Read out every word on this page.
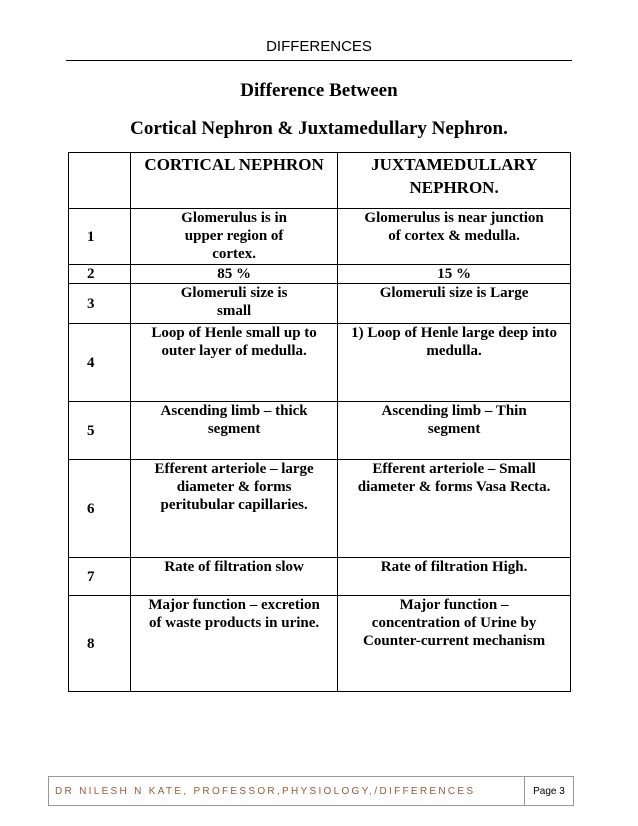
DIFFERENCES
Difference Between
Cortical Nephron & Juxtamedullary Nephron.

	CORTICAL NEPHRON	JUXTAMEDULLARY NEPHRON.

1	Glomerulus is in upper region of cortex.	Glomerulus is near junction of cortex & medulla.

2	85 %	15 %
3	Glomeruli size is small	Glomeruli size is Large
4	Loop of Henle small up to outer layer of medulla.	1) Loop of Henle large deep into medulla.

5	Ascending limb – thick segment	Ascending limb – Thin segment

6	Efferent arteriole – large diameter & forms peritubular capillaries.	Efferent arteriole – Small diameter & forms Vasa Recta.

7	Rate of filtration slow	Rate of filtration High.
8	Major function – excretion of waste products in urine.	Major function – concentration of Urine by Counter-current mechanism
DR NILESH N KATE, PROFESSOR,PHYSIOLOGY,/DIFFERENCES	Page 3
